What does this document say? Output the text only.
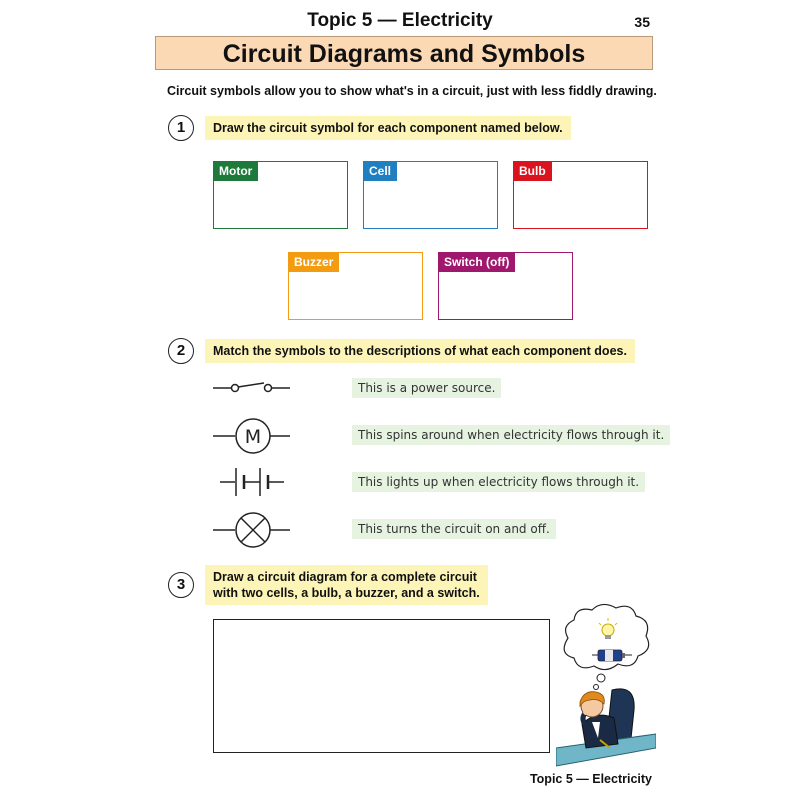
Topic 5 — Electricity	35
Circuit Diagrams and Symbols
Circuit symbols allow you to show what's in a circuit, just with less fiddly drawing.
1	Draw the circuit symbol for each component named below.
Motor	Cell	Bulb
Buzzer	Switch (off)
2	Match the symbols to the descriptions of what each component does.
M
This is a power source.
This spins around when electricity flows through it.
This lights up when electricity flows through it.
This turns the circuit on and off.
3	Draw a circuit diagram for a complete circuit
with two cells, a bulb, a buzzer, and a switch.
Topic 5 — Electricity
